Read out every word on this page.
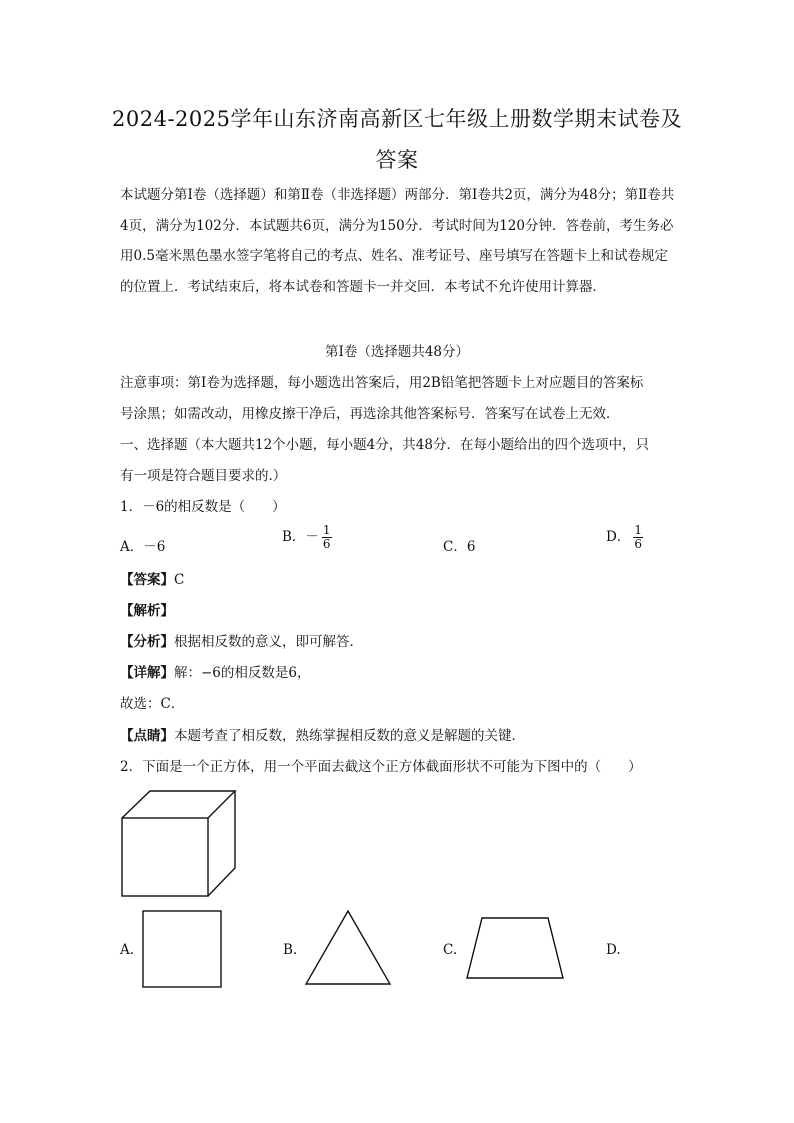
2024-2025学年山东济南高新区七年级上册数学期末试卷及
答案
本试题分第Ⅰ卷（选择题）和第Ⅱ卷（非选择题）两部分．第Ⅰ卷共2页，满分为48分；第Ⅱ卷共4页，满分为102分．本试题共6页，满分为150分．考试时间为120分钟．答卷前，考生务必用0.5毫米黑色墨水签字笔将自己的考点、姓名、准考证号、座号填写在答题卡上和试卷规定的位置上．考试结束后，将本试卷和答题卡一并交回．本考试不允许使用计算器．
第Ⅰ卷（选择题共48分）
注意事项：第Ⅰ卷为选择题，每小题选出答案后，用2B铅笔把答题卡上对应题目的答案标
号涂黑；如需改动，用橡皮擦干净后，再选涂其他答案标号．答案写在试卷上无效．
一、选择题（本大题共12个小题，每小题4分，共48分．在每小题给出的四个选项中，只
有一项是符合题目要求的.）
1．－6的相反数是（　　）
A．－6
B．－ $\frac{1}{6}$	C．6
D． $\frac{1}{6}$
【答案】C
【解析】
【分析】根据相反数的意义，即可解答．
【详解】解：−6的相反数是6，
故选：C．
【点睛】本题考查了相反数，熟练掌握相反数的意义是解题的关键．
2．下面是一个正方体，用一个平面去截这个正方体截面形状不可能为下图中的（　　）
A.	B.	C.	D.
